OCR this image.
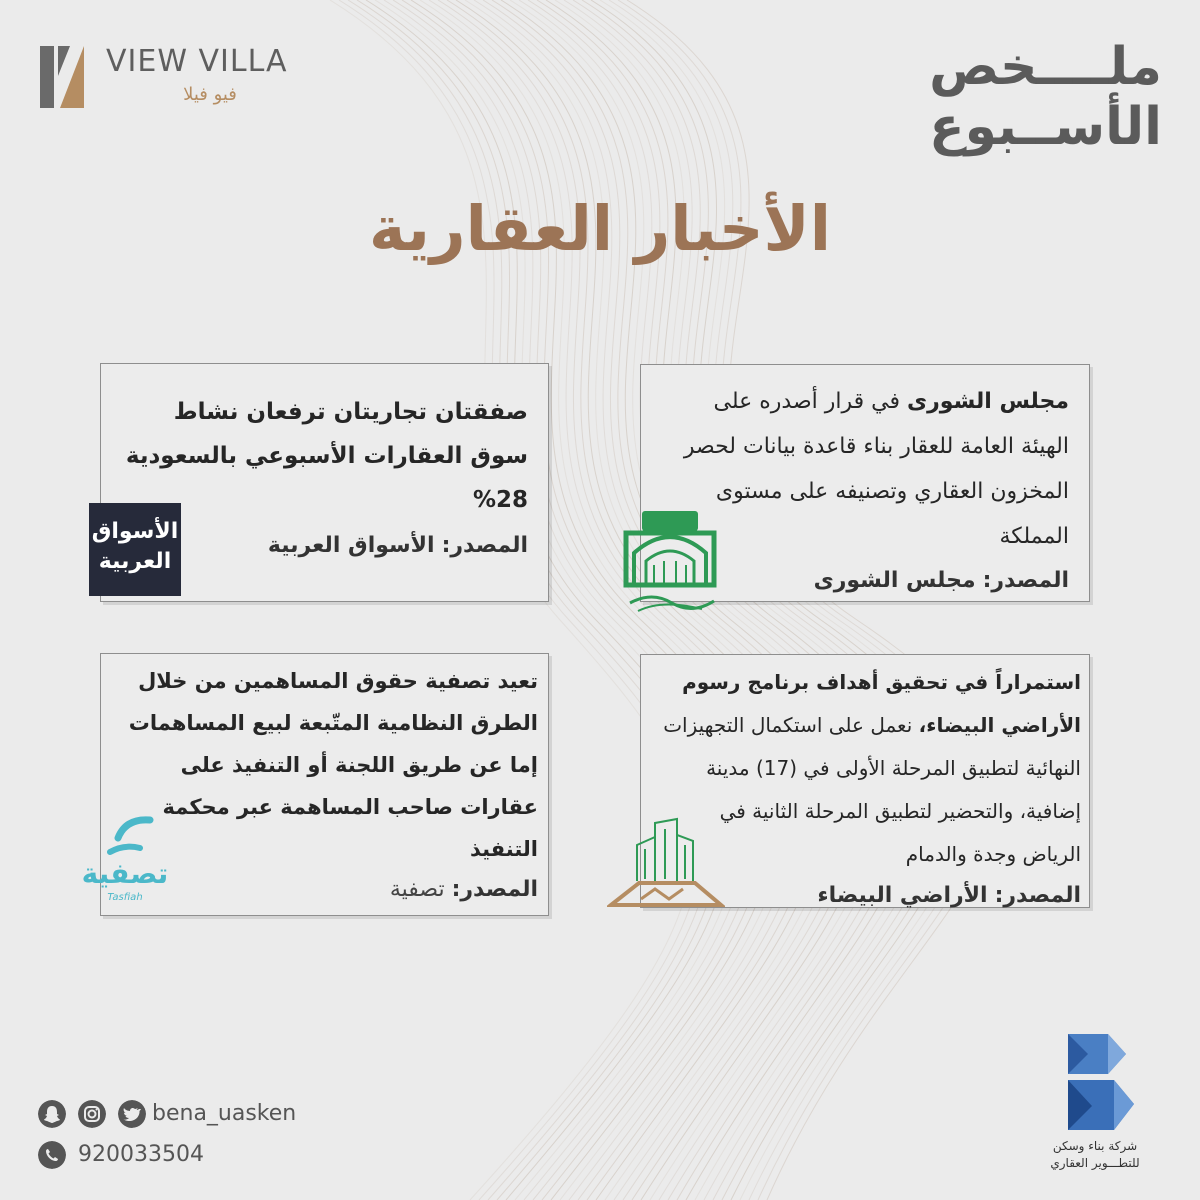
VIEW VILLA
فيو فيلا	ملــــخص
الأســبوع
الأخبار العقارية
مجلس الشورى في قرار أصدره على الهيئة العامة للعقار بناء قاعدة بيانات لحصر المخزون العقاري وتصنيفه على مستوى المملكة
المصدر: مجلس الشورى
صفقتان تجاريتان ترفعان نشاط سوق العقارات الأسبوعي بالسعودية 28%
المصدر: الأسواق العربية
استمراراً في تحقيق أهداف برنامج رسوم الأراضي البيضاء، نعمل على استكمال التجهيزات النهائية لتطبيق المرحلة الأولى في (17) مدينة إضافية، والتحضير لتطبيق المرحلة الثانية في الرياض وجدة والدمام
المصدر: الأراضي البيضاء
تعيد تصفية حقوق المساهمين من خلال الطرق النظامية المتّبعة لبيع المساهمات إما عن طريق اللجنة أو التنفيذ على عقارات صاحب المساهمة عبر محكمة التنفيذ
المصدر: تصفية
الأسواق
العربية
تصفية
Tasfiah
bena_uasken
920033504	شركة بناء وسكن
للتطـــوير العقاري
